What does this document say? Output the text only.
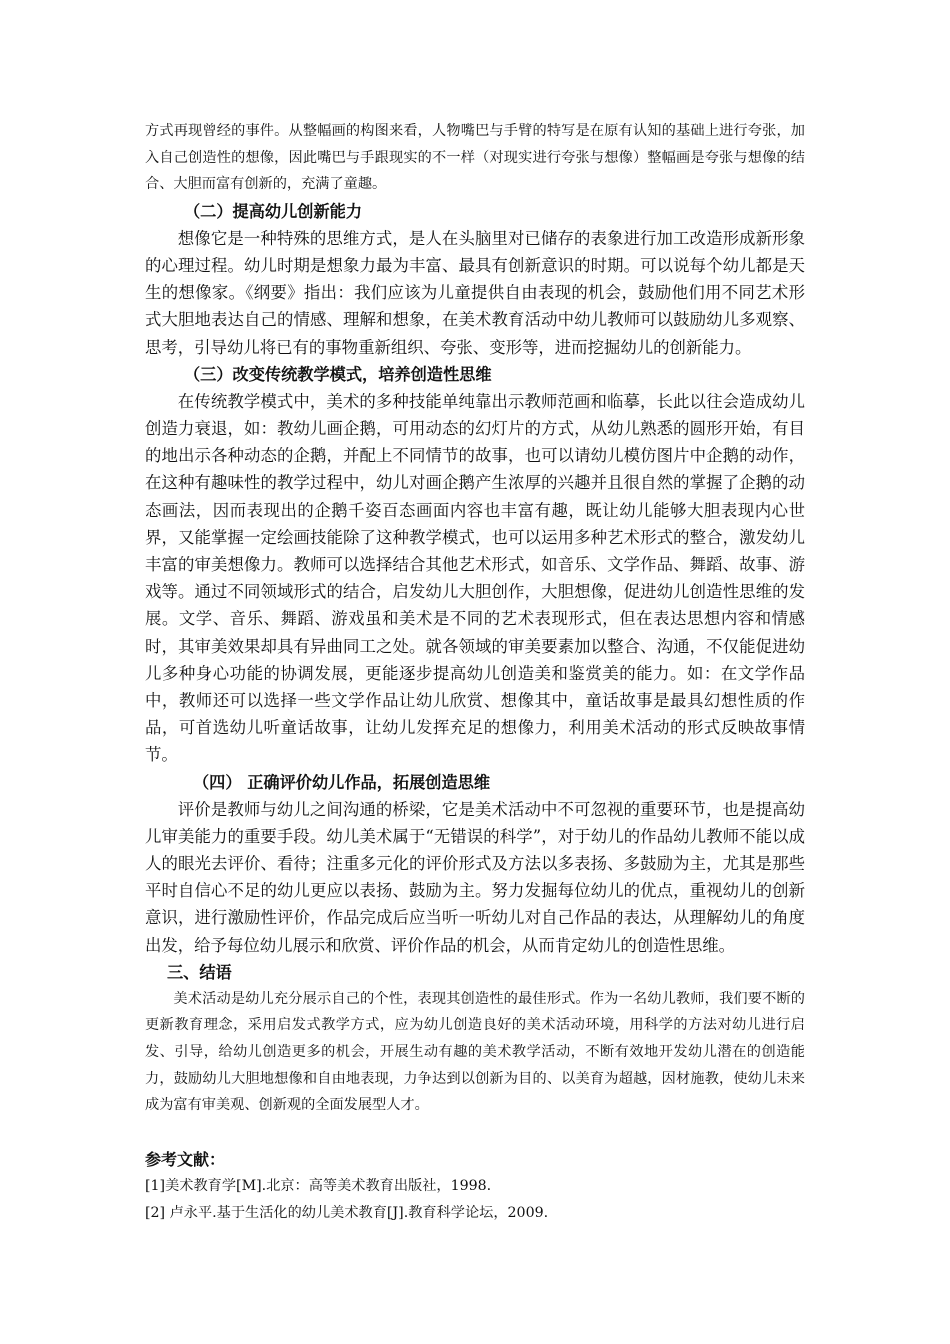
方式再现曾经的事件。从整幅画的构图来看，人物嘴巴与手臂的特写是在原有认知的基础上进行夸张，加入自己创造性的想像，因此嘴巴与手跟现实的不一样（对现实进行夸张与想像）整幅画是夸张与想像的结合、大胆而富有创新的，充满了童趣。

（二）提高幼儿创新能力

想像它是一种特殊的思维方式，是人在头脑里对已储存的表象进行加工改造形成新形象的心理过程。幼儿时期是想象力最为丰富、最具有创新意识的时期。可以说每个幼儿都是天生的想像家。《纲要》指出：我们应该为儿童提供自由表现的机会，鼓励他们用不同艺术形式大胆地表达自己的情感、理解和想象，在美术教育活动中幼儿教师可以鼓励幼儿多观察、思考，引导幼儿将已有的事物重新组织、夸张、变形等，进而挖掘幼儿的创新能力。

（三）改变传统教学模式，培养创造性思维

在传统教学模式中，美术的多种技能单纯靠出示教师范画和临摹，长此以往会造成幼儿创造力衰退，如：教幼儿画企鹅，可用动态的幻灯片的方式，从幼儿熟悉的圆形开始，有目的地出示各种动态的企鹅，并配上不同情节的故事，也可以请幼儿模仿图片中企鹅的动作，在这种有趣味性的教学过程中，幼儿对画企鹅产生浓厚的兴趣并且很自然的掌握了企鹅的动态画法，因而表现出的企鹅千姿百态画面内容也丰富有趣，既让幼儿能够大胆表现内心世界，又能掌握一定绘画技能除了这种教学模式，也可以运用多种艺术形式的整合，激发幼儿丰富的审美想像力。教师可以选择结合其他艺术形式，如音乐、文学作品、舞蹈、故事、游戏等。通过不同领域形式的结合，启发幼儿大胆创作，大胆想像，促进幼儿创造性思维的发展。文学、音乐、舞蹈、游戏虽和美术是不同的艺术表现形式，但在表达思想内容和情感时，其审美效果却具有异曲同工之处。就各领域的审美要素加以整合、沟通，不仅能促进幼儿多种身心功能的协调发展，更能逐步提高幼儿创造美和鉴赏美的能力。如：在文学作品中，教师还可以选择一些文学作品让幼儿欣赏、想像其中，童话故事是最具幻想性质的作品，可首选幼儿听童话故事，让幼儿发挥充足的想像力，利用美术活动的形式反映故事情节。

（四） 正确评价幼儿作品，拓展创造思维

评价是教师与幼儿之间沟通的桥梁，它是美术活动中不可忽视的重要环节，也是提高幼儿审美能力的重要手段。幼儿美术属于“无错误的科学”，对于幼儿的作品幼儿教师不能以成人的眼光去评价、看待；注重多元化的评价形式及方法以多表扬、多鼓励为主，尤其是那些平时自信心不足的幼儿更应以表扬、鼓励为主。努力发掘每位幼儿的优点，重视幼儿的创新意识，进行激励性评价，作品完成后应当听一听幼儿对自己作品的表达，从理解幼儿的角度出发，给予每位幼儿展示和欣赏、评价作品的机会，从而肯定幼儿的创造性思维。

三、结语

美术活动是幼儿充分展示自己的个性，表现其创造性的最佳形式。作为一名幼儿教师，我们要不断的更新教育理念，采用启发式教学方式，应为幼儿创造良好的美术活动环境，用科学的方法对幼儿进行启发、引导，给幼儿创造更多的机会，开展生动有趣的美术教学活动，不断有效地开发幼儿潜在的创造能力，鼓励幼儿大胆地想像和自由地表现，力争达到以创新为目的、以美育为超越，因材施教，使幼儿未来成为富有审美观、创新观的全面发展型人才。

参考文献：

[1]美术教育学[M].北京：高等美术教育出版社，1998.

[2] 卢永平.基于生活化的幼儿美术教育[J].教育科学论坛，2009.
